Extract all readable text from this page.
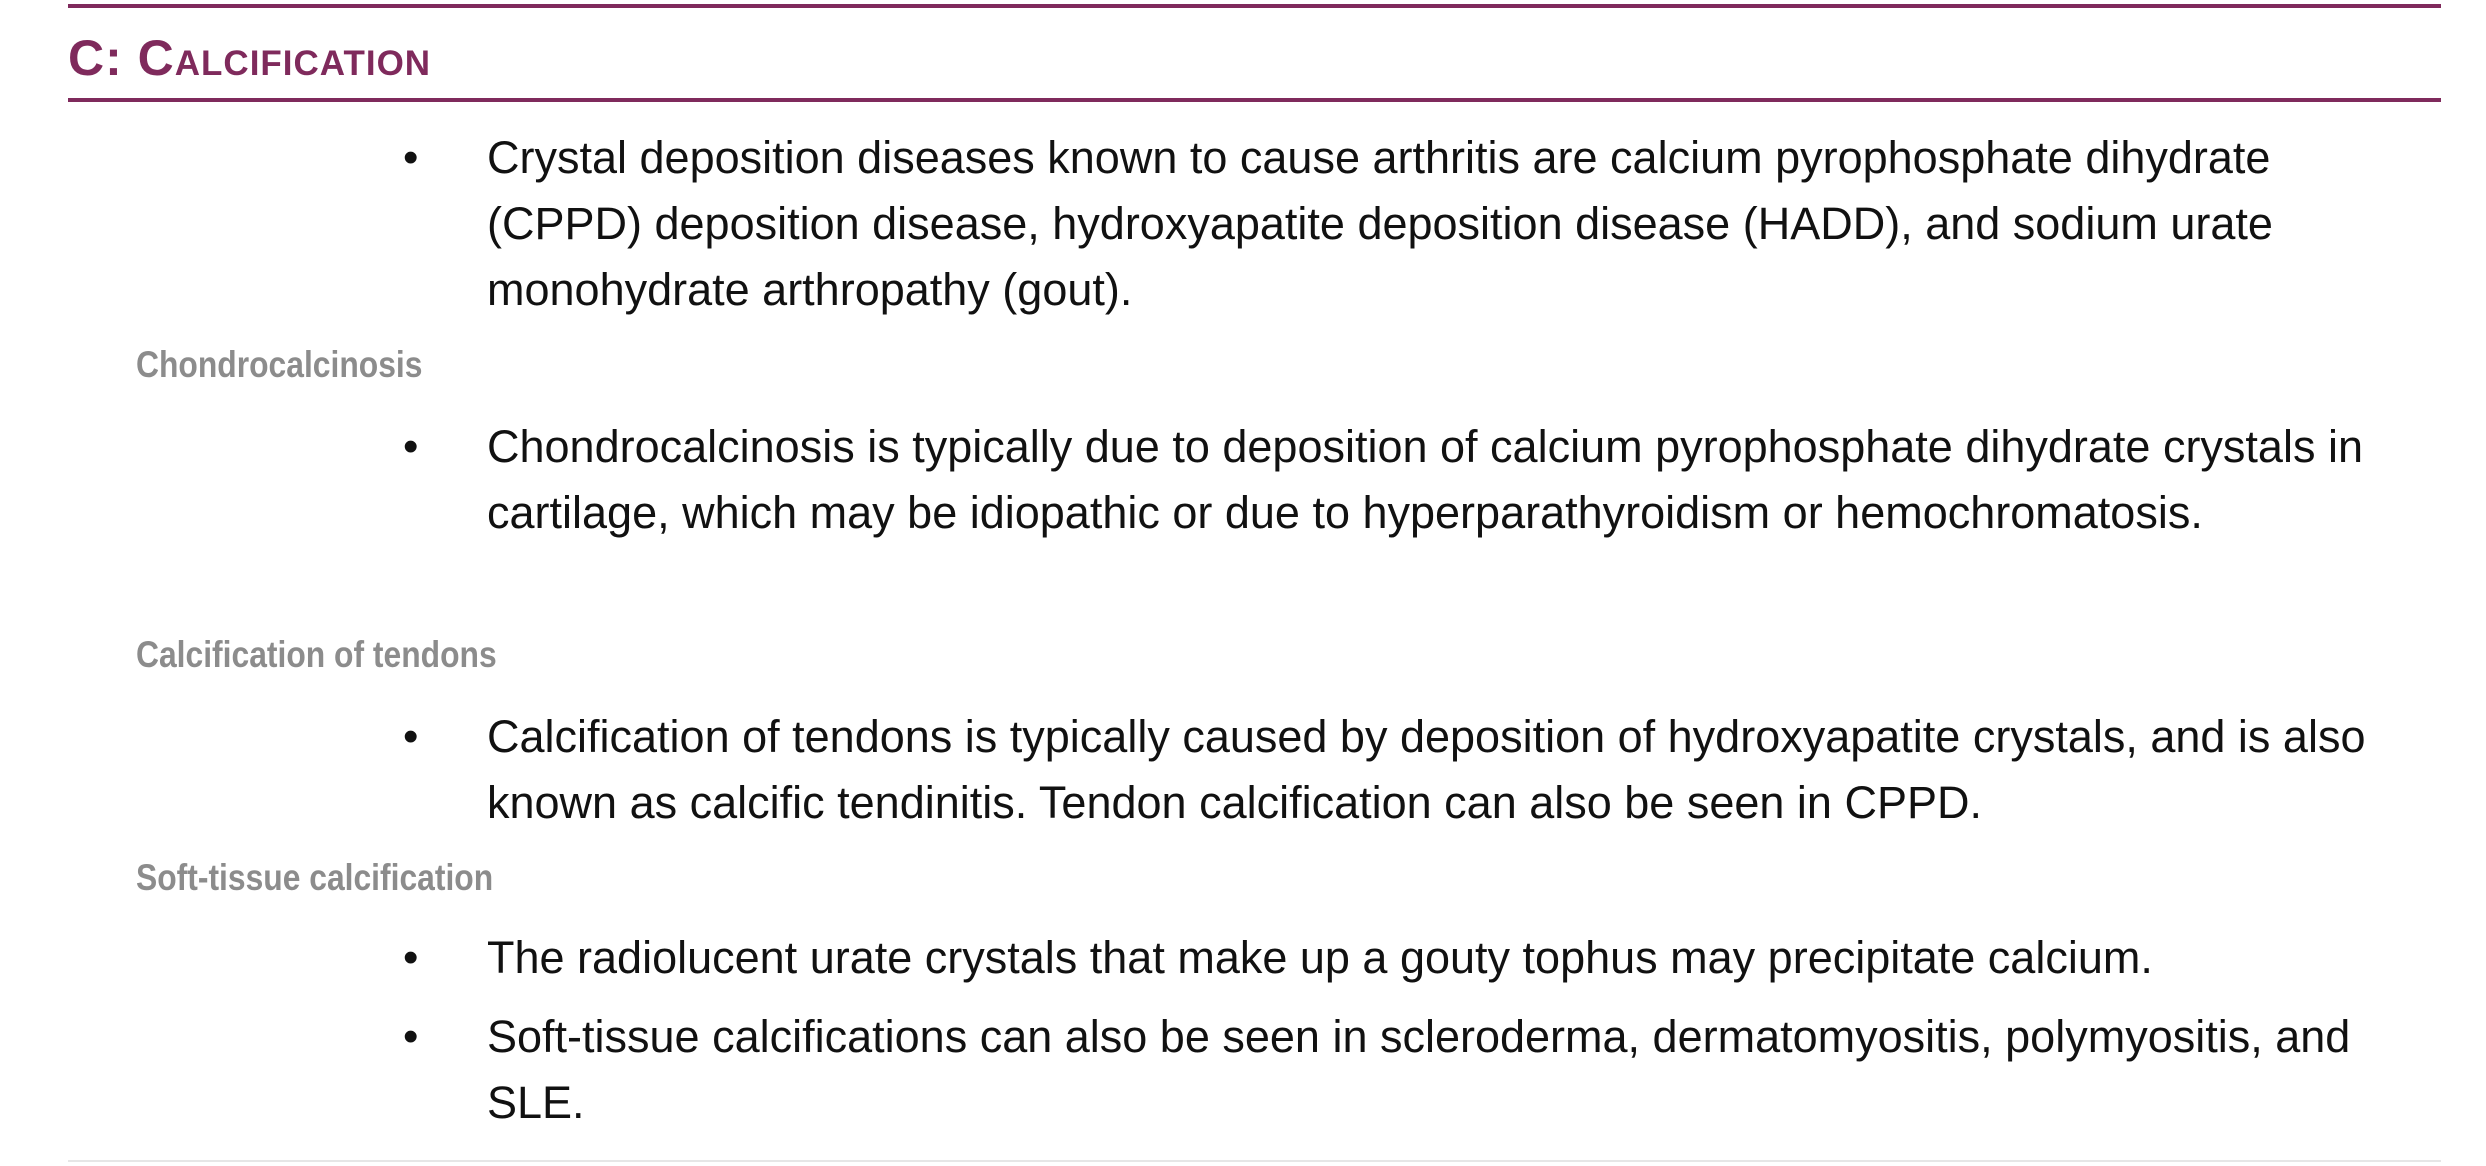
C: Calcification
• Crystal deposition diseases known to cause arthritis are calcium pyrophosphate dihydrate (CPPD) deposition disease, hydroxyapatite deposition disease (HADD), and sodium urate monohydrate arthropathy (gout).
Chondrocalcinosis
• Chondrocalcinosis is typically due to deposition of calcium pyrophosphate dihydrate crystals in cartilage, which may be idiopathic or due to hyperparathyroidism or hemochromatosis.
Calcification of tendons
• Calcification of tendons is typically caused by deposition of hydroxyapatite crystals, and is also known as calcific tendinitis. Tendon calcification can also be seen in CPPD.
Soft-tissue calcification
• The radiolucent urate crystals that make up a gouty tophus may precipitate calcium.
• Soft-tissue calcifications can also be seen in scleroderma, dermatomyositis, polymyositis, and SLE.
